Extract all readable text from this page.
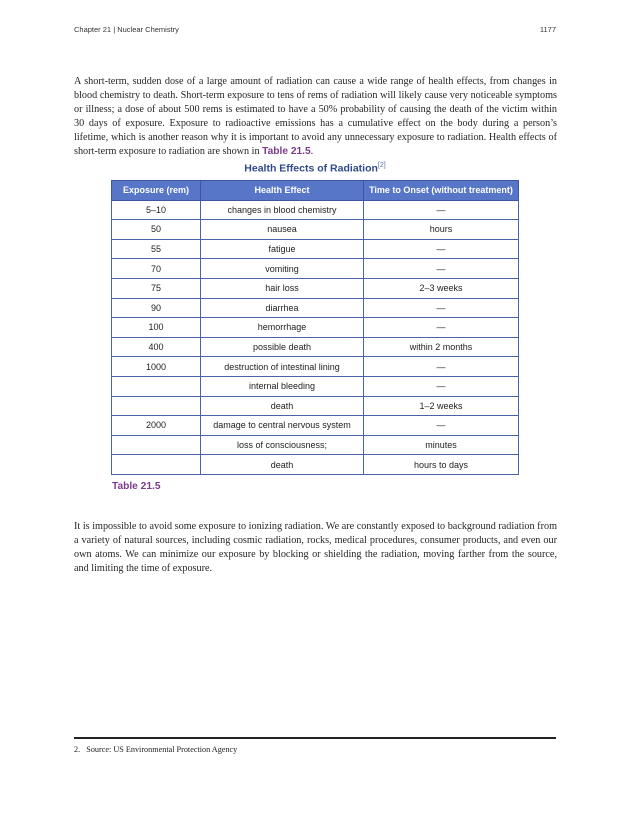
Chapter 21 | Nuclear Chemistry	1177

A short-term, sudden dose of a large amount of radiation can cause a wide range of health effects, from changes in blood chemistry to death. Short-term exposure to tens of rems of radiation will likely cause very noticeable symptoms or illness; a dose of about 500 rems is estimated to have a 50% probability of causing the death of the victim within 30 days of exposure. Exposure to radioactive emissions has a cumulative effect on the body during a person’s lifetime, which is another reason why it is important to avoid any unnecessary exposure to radiation. Health effects of short-term exposure to radiation are shown in Table 21.5.

Health Effects of Radiation[2]
Exposure (rem)	Health Effect	Time to Onset (without treatment)
5–10	changes in blood chemistry	—
50	nausea	hours
55	fatigue	—
70	vomiting	—
75	hair loss	2–3 weeks
90	diarrhea	—
100	hemorrhage	—
400	possible death	within 2 months
1000	destruction of intestinal lining	—
	internal bleeding	—
	death	1–2 weeks
2000	damage to central nervous system	—
	loss of consciousness;	minutes
	death	hours to days
Table 21.5

It is impossible to avoid some exposure to ionizing radiation. We are constantly exposed to background radiation from a variety of natural sources, including cosmic radiation, rocks, medical procedures, consumer products, and even our own atoms. We can minimize our exposure by blocking or shielding the radiation, moving farther from the source, and limiting the time of exposure.

2. Source: US Environmental Protection Agency
